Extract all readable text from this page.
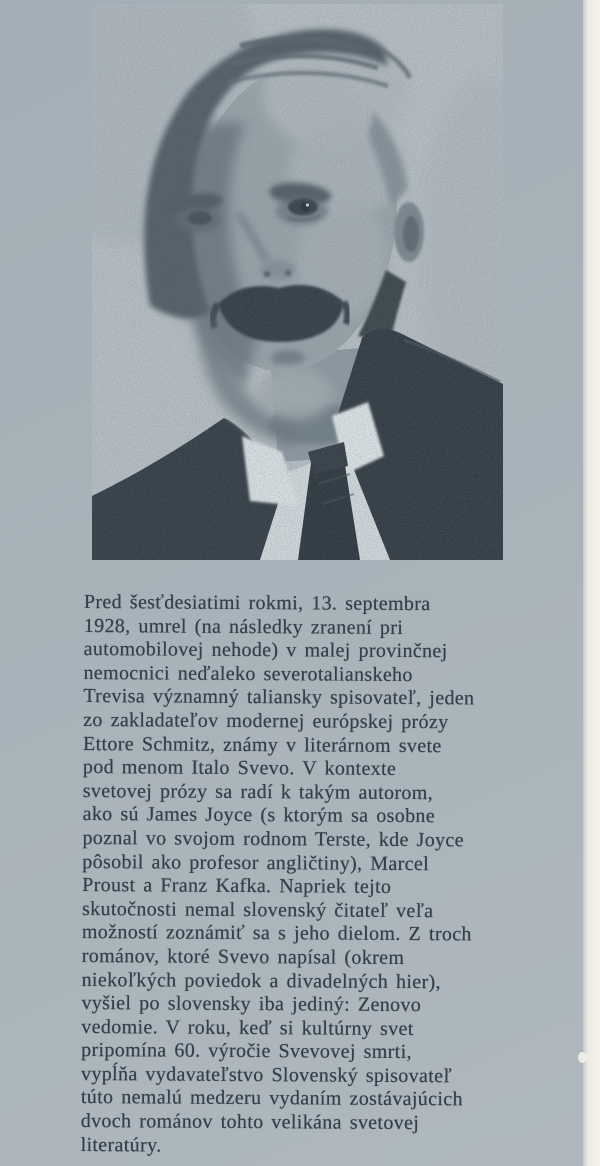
Pred šesťdesiatimi rokmi, 13. septembra
1928, umrel (na následky zranení pri
automobilovej nehode) v malej provinčnej
nemocnici neďaleko severotalianskeho
Trevisa významný taliansky spisovateľ, jeden
zo zakladateľov modernej európskej prózy
Ettore Schmitz, známy v literárnom svete
pod menom Italo Svevo. V kontexte
svetovej prózy sa radí k takým autorom,
ako sú James Joyce (s ktorým sa osobne
poznal vo svojom rodnom Terste, kde Joyce
pôsobil ako profesor angličtiny), Marcel
Proust a Franz Kafka. Napriek tejto
skutočnosti nemal slovenský čitateľ veľa
možností zoznámiť sa s jeho dielom. Z troch
románov, ktoré Svevo napísal (okrem
niekoľkých poviedok a divadelných hier),
vyšiel po slovensky iba jediný: Zenovo
vedomie. V roku, keď si kultúrny svet
pripomína 60. výročie Svevovej smrti,
vypĺňa vydavateľstvo Slovenský spisovateľ
túto nemalú medzeru vydaním zostávajúcich
dvoch románov tohto velikána svetovej
literatúry.
